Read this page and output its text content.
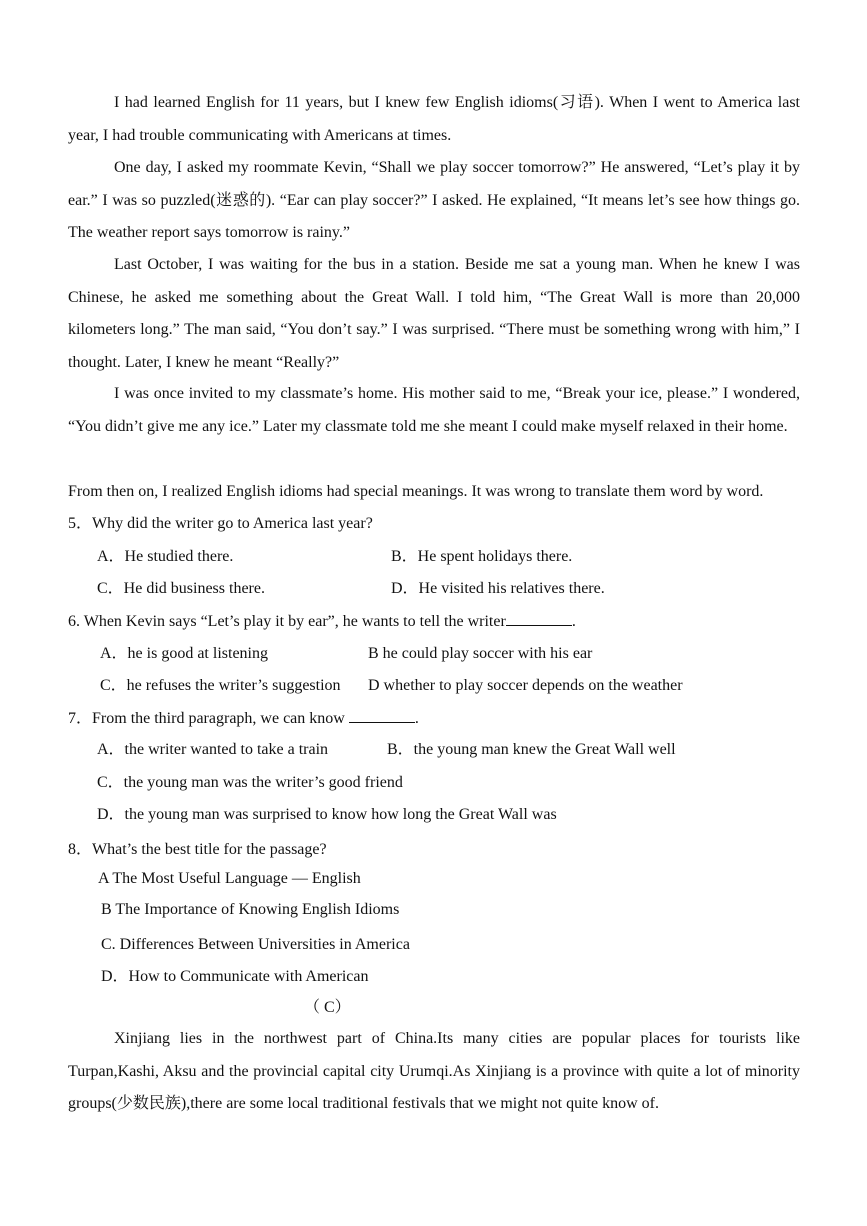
I had learned English for 11 years, but I knew few English idioms(习语). When I went to America last year, I had trouble communicating with Americans at times.

One day, I asked my roommate Kevin, “Shall we play soccer tomorrow?” He answered, “Let’s play it by ear.” I was so puzzled(迷惑的). “Ear can play soccer?” I asked. He explained, “It means let’s see how things go. The weather report says tomorrow is rainy.”

Last October, I was waiting for the bus in a station. Beside me sat a young man. When he knew I was Chinese, he asked me something about the Great Wall. I told him, “The Great Wall is more than 20,000 kilometers long.” The man said, “You don’t say.” I was surprised. “There must be something wrong with him,” I thought. Later, I knew he meant “Really?”

I was once invited to my classmate’s home. His mother said to me, “Break your ice, please.” I wondered, “You didn’t give me any ice.” Later my classmate told me she meant I could make myself relaxed in their home.

From then on, I realized English idioms had special meanings. It was wrong to translate them word by word.

5．Why did the writer go to America last year?
A．He studied there.	B．He spent holidays there.
C．He did business there.	D．He visited his relatives there.
6. When Kevin says “Let’s play it by ear”, he wants to tell the writer	.
A．he is good at listening	B he could play soccer with his ear
C．he refuses the writer’s suggestion D whether to play soccer depends on the weather
7．From the third paragraph, we can know	.
A．the writer wanted to take a train	B．the young man knew the Great Wall well
C．the young man was the writer’s good friend
D．the young man was surprised to know how long the Great Wall was
8．What’s the best title for the passage?
A The Most Useful Language — English
B The Importance of Knowing English Idioms
C. Differences Between Universities in America
D．How to Communicate with American
（ C）

Xinjiang lies in the northwest part of China.Its many cities are popular places for tourists like Turpan,Kashi, Aksu and the provincial capital city Urumqi.As Xinjiang is a province with quite a lot of minority groups(少数民族),there are some local traditional festivals that we might not quite know of.
